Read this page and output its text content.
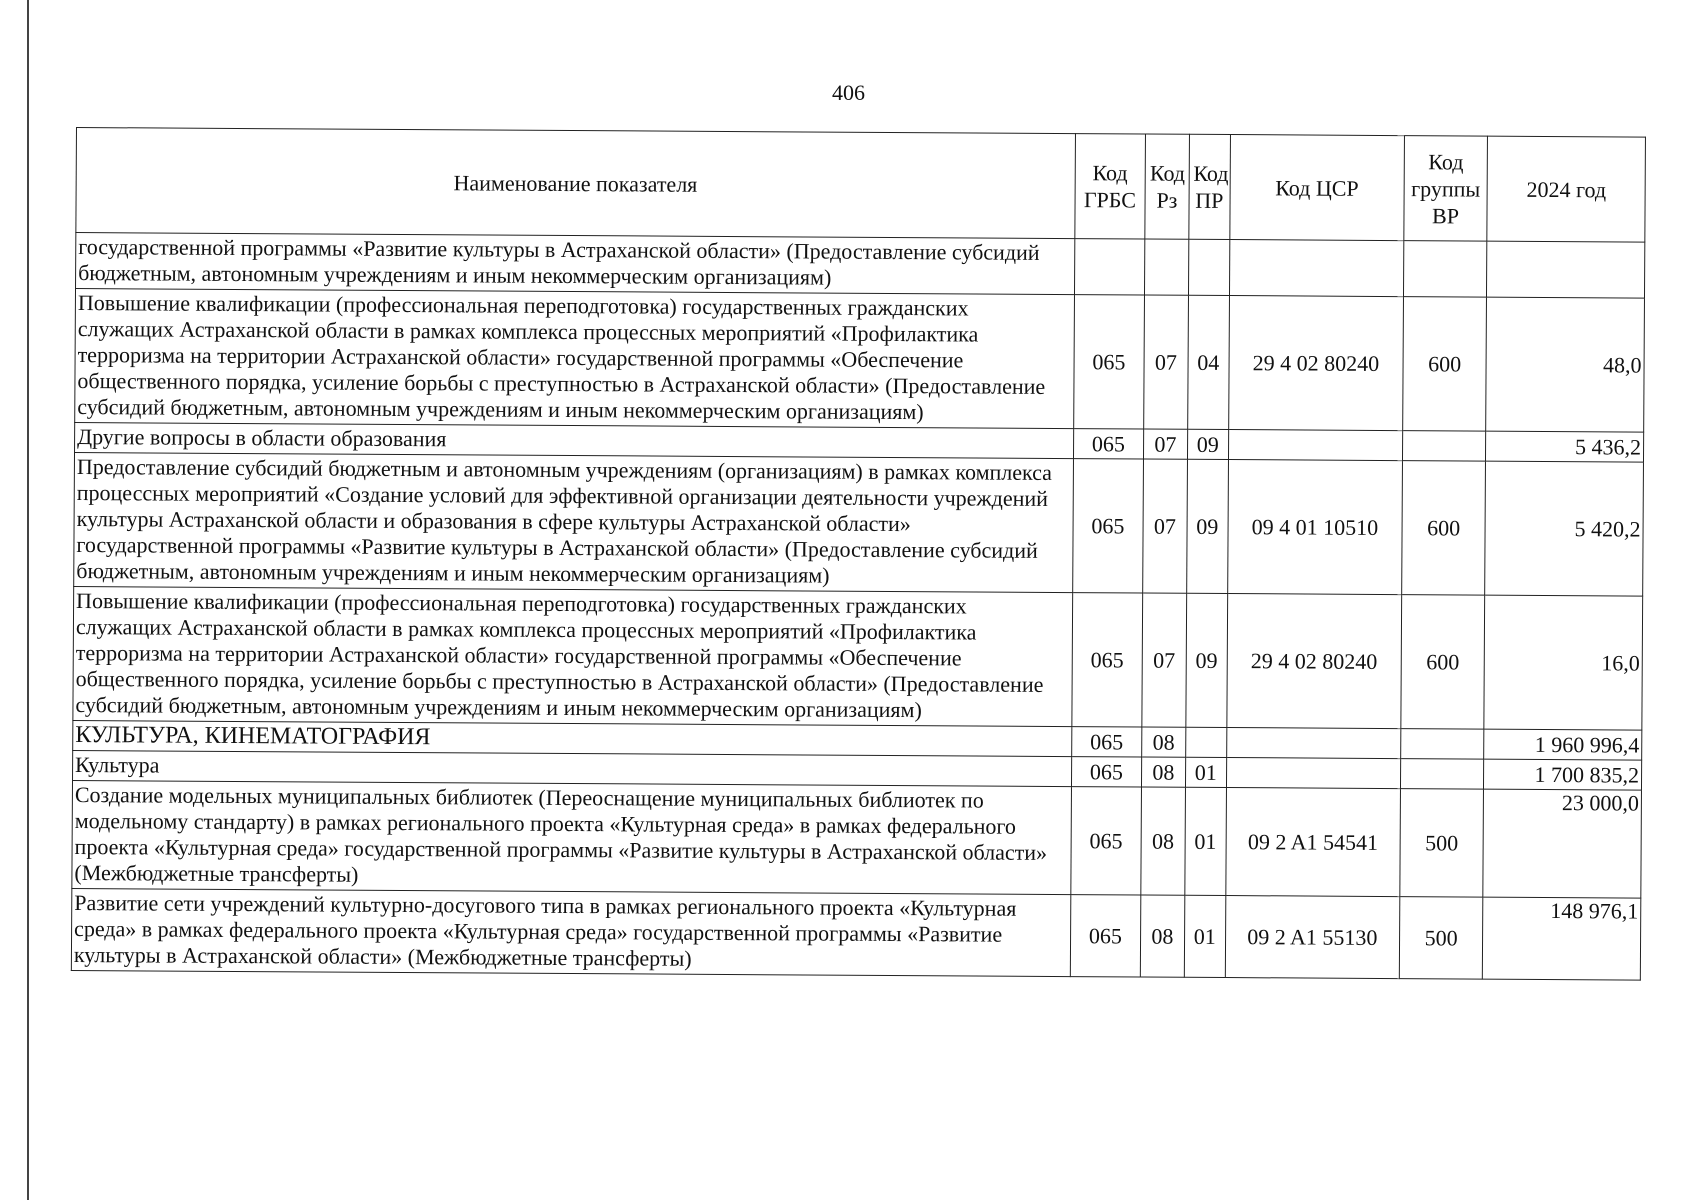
406
Наименование показателя	Код ГРБС	Код Рз	Код ПР	Код ЦСР	Код группы ВР	2024 год
государственной программы «Развитие культуры в Астраханской области» (Предоставление субсидий бюджетным, автономным учреждениям и иным некоммерческим организациям)						
Повышение квалификации (профессиональная переподготовка) государственных гражданских служащих Астраханской области в рамках комплекса процессных мероприятий «Профилактика терроризма на территории Астраханской области» государственной программы «Обеспечение общественного порядка, усиление борьбы с преступностью в Астраханской области» (Предоставление субсидий бюджетным, автономным учреждениям и иным некоммерческим организациям)	065	07	04	29 4 02 80240	600	48,0
Другие вопросы в области образования	065	07	09			5 436,2
Предоставление субсидий бюджетным и автономным учреждениям (организациям) в рамках комплекса процессных мероприятий «Создание условий для эффективной организации деятельности учреждений культуры Астраханской области и образования в сфере культуры Астраханской области» государственной программы «Развитие культуры в Астраханской области» (Предоставление субсидий бюджетным, автономным учреждениям и иным некоммерческим организациям)	065	07	09	09 4 01 10510	600	5 420,2
Повышение квалификации (профессиональная переподготовка) государственных гражданских служащих Астраханской области в рамках комплекса процессных мероприятий «Профилактика терроризма на территории Астраханской области» государственной программы «Обеспечение общественного порядка, усиление борьбы с преступностью в Астраханской области» (Предоставление субсидий бюджетным, автономным учреждениям и иным некоммерческим организациям)	065	07	09	29 4 02 80240	600	16,0
КУЛЬТУРА, КИНЕМАТОГРАФИЯ	065	08				1 960 996,4
Культура	065	08	01			1 700 835,2
Создание модельных муниципальных библиотек (Переоснащение муниципальных библиотек по модельному стандарту) в рамках регионального проекта «Культурная среда» в рамках федерального проекта «Культурная среда» государственной программы «Развитие культуры в Астраханской области» (Межбюджетные трансферты)	065	08	01	09 2 A1 54541	500	23 000,0
Развитие сети учреждений культурно-досугового типа в рамках регионального проекта «Культурная среда» в рамках федерального проекта «Культурная среда» государственной программы «Развитие культуры в Астраханской области» (Межбюджетные трансферты)	065	08	01	09 2 A1 55130	500	148 976,1
